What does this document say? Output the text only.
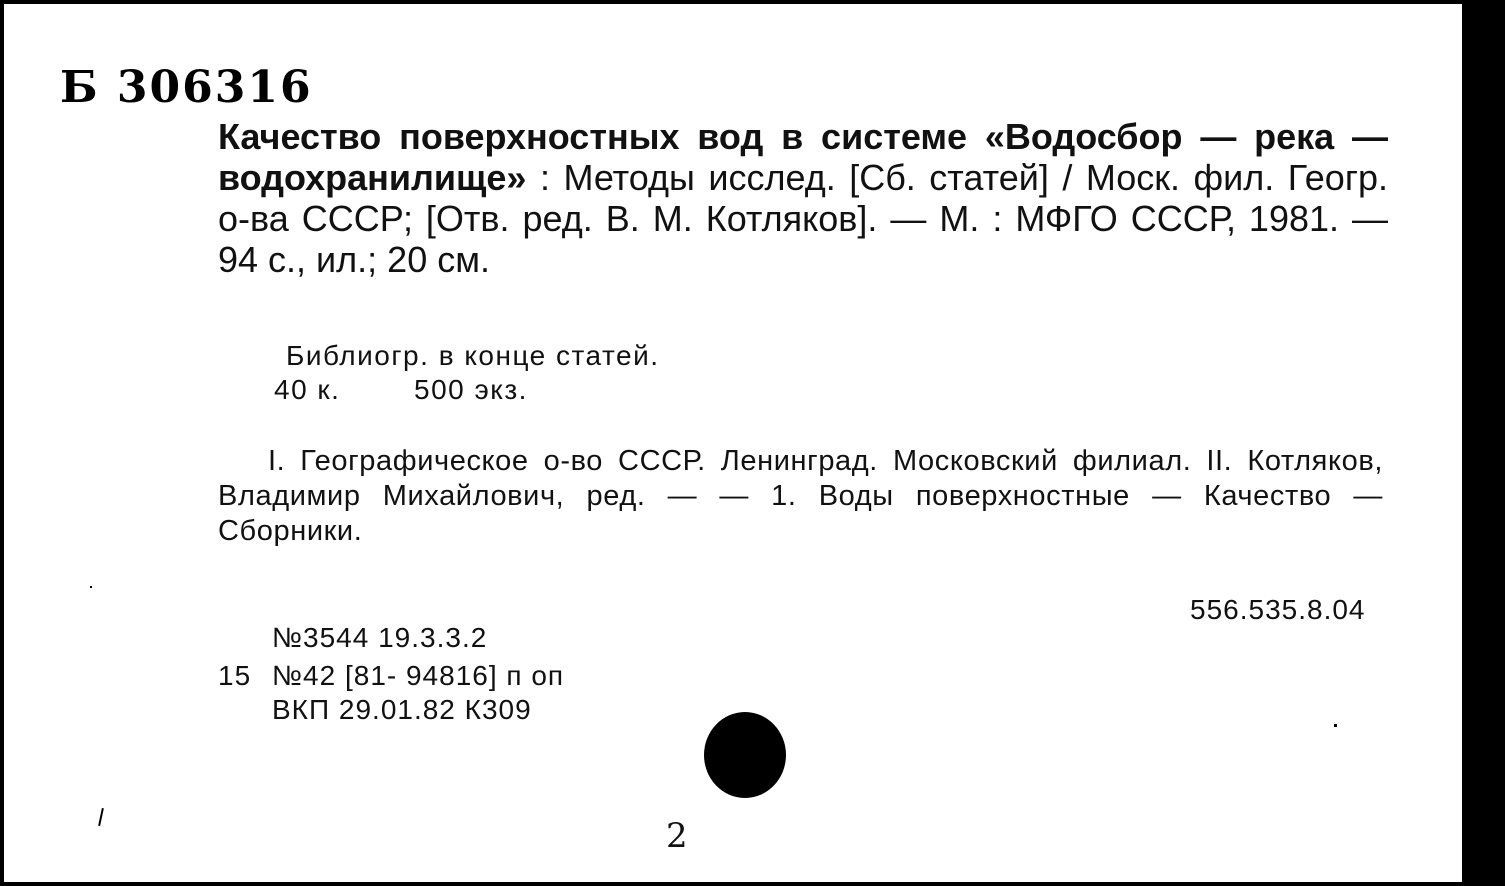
Б 306316
Качество поверхностных вод в системе «Водосбор — река — водохранилище» : Методы исслед. [Сб. статей] / Моск. фил. Геогр. о-ва СССР; [Отв. ред. В. М. Котляков]. — М. : МФГО СССР, 1981. — 94 с., ил.; 20 см.
Библиогр. в конце статей.
40 к.	500 экз.
I. Географическое о-во СССР. Ленинград. Московский филиал. II. Котляков, Владимир Михайлович, ред. — — 1. Воды поверхностные — Качество — Сборники.
556.535.8.04
№3544 19.3.3.2
15 №42 [81- 94816] п оп
ВКП 29.01.82 К309
2
